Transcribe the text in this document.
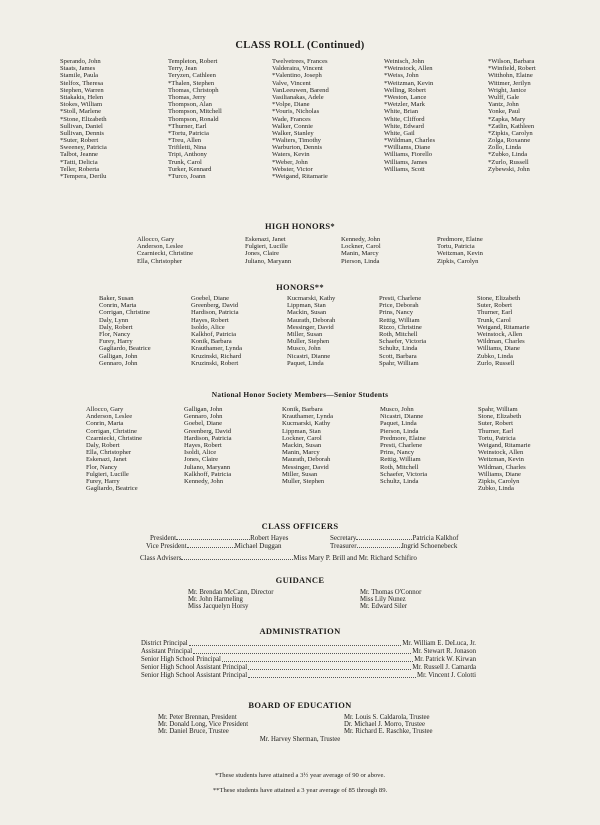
CLASS ROLL (Continued)
Sperando, John
Staats, James
Stamile, Paula
Stelfox, Theresa
Stephen, Warren
Stiakakis, Helen
Stokes, William
*Stoll, Marlene
*Stone, Elizabeth
Sullivan, Daniel
Sullivan, Dennis
*Suter, Robert
Sweeney, Patricia
Talbot, Jeanne
*Tatti, Delicia
Teller, Roberta
*Tempera, Derilu
Templeton, Robert
Terry, Jean
Teryzen, Cathleen
*Thalen, Stephen
Thomas, Christoph
Thomas, Jerry
Thompson, Alan
Thompson, Mitchell
Thompson, Ronald
*Thurner, Earl
*Tortu, Patricia
*Treu, Allen
Trifiletti, Nina
Tripi, Anthony
Trunk, Carol
Turker, Kennard
*Turco, Joann
Twelvetrees, Frances
Valderaira, Vincent
*Valentino, Joseph
Valve, Vincent
VanLeeuwen, Barend
Vasilianakas, Adele
*Volpe, Diane
*Vouris, Nicholas
Wade, Frances
Walker, Connie
Walker, Stanley
*Walters, Timothy
Warburton, Dennis
Waters, Kevin
*Weber, John
Webster, Victor
*Weigand, Ritamarie
Weinisch, John
*Weinstock, Allen
*Weiss, John
*Weitzman, Kevin
Welling, Robert
*Weston, Lance
*Wetzler, Mark
White, Brian
White, Clifford
White, Edward
White, Gail
*Wildman, Charles
*Williams, Diane
Williams, Fiorello
Williams, James
Williams, Scott
*Wilson, Barbara
*Winfield, Robert
Witthohn, Elaine
Wittmer, Jerilyn
Wright, Janice
Wulff, Gale
Yantz, John
Yonke, Paul
*Zapka, Mary
*Zatlin, Kathleen
*Zipkis, Carolyn
Zolga, Roxanne
Zollo, Linda
*Zubko, Linda
*Zurlo, Russell
Zybewski, John
HIGH HONORS*
Allocco, Gary
Anderson, Leslee
Czarniecki, Christine
Ella, Christopher
Eskenazi, Janet
Fulgieri, Lucille
Jones, Claire
Juliano, Maryann
Kennedy, John
Lockner, Carol
Manin, Marcy
Pierson, Linda
Predmore, Elaine
Tortu, Patricia
Weitzman, Kevin
Zipkis, Carolyn
HONORS**
Baker, Susan
Conrin, Marta
Corrigan, Christine
Daly, Lynn
Daly, Robert
Flor, Nancy
Furey, Harry
Gagliardo, Beatrice
Galligan, John
Gennaro, John
Goebel, Diane
Greenberg, David
Hardison, Patricia
Hayes, Robert
Isoldo, Alice
Kalkhof, Patricia
Konik, Barbara
Krauthamer, Lynda
Kruzinski, Richard
Kruzinski, Robert
Kucmarski, Kathy
Lippman, Stan
Mackin, Susan
Maurath, Deborah
Messinger, David
Miller, Susan
Muller, Stephen
Musco, John
Nicastri, Dianne
Paquet, Linda
Presti, Charlene
Price, Deborah
Prins, Nancy
Rettig, William
Rizzo, Christine
Roth, Mitchell
Schaefer, Victoria
Schultz, Linda
Scott, Barbara
Spahr, William
Stone, Elizabeth
Suter, Robert
Thurner, Earl
Trunk, Carol
Weigand, Ritamarie
Weinstock, Allen
Wildman, Charles
Williams, Diane
Zubko, Linda
Zurlo, Russell
National Honor Society Members—Senior Students
Allocco, Gary
Anderson, Leslee
Conrin, Marta
Corrigan, Christine
Czarniecki, Christine
Daly, Robert
Ella, Christopher
Eskenazi, Janet
Flor, Nancy
Fulgieri, Lucille
Furey, Harry
Gagliardo, Beatrice
Galligan, John
Gennaro, John
Goebel, Diane
Greenberg, David
Hardison, Patricia
Hayes, Robert
Isoldi, Alice
Jones, Claire
Juliano, Maryann
Kalkhoff, Patricia
Kennedy, John
Konik, Barbara
Krauthamer, Lynda
Kucmarski, Kathy
Lippman, Stan
Lockner, Carol
Mackin, Susan
Manin, Marcy
Maurath, Deborah
Messinger, David
Miller, Susan
Muller, Stephen
Musco, John
Nicastri, Dianne
Paquet, Linda
Pierson, Linda
Predmore, Elaine
Presti, Charlene
Prins, Nancy
Rettig, William
Roth, Mitchell
Schaefer, Victoria
Schultz, Linda
Spahr, William
Stone, Elizabeth
Suter, Robert
Thurner, Earl
Tortu, Patricia
Weigand, Ritamarie
Weinstock, Allen
Weitzman, Kevin
Wildman, Charles
Williams, Diane
Zipkis, Carolyn
Zubko, Linda
CLASS OFFICERS
President	Robert Hayes	Secretary	Patricia Kalkhof
Vice President	Michael Duggan	Treasurer	Ingrid Schoenebeck
Class Advisers	Miss Mary P. Brill and Mr. Richard Schifiro
GUIDANCE
Mr. Brendan McCann, Director
Mr. John Harmeling
Miss Jacquelyn Horsy
Mr. Thomas O'Connor
Miss Lily Nunez
Mr. Edward Siler
ADMINISTRATION
District Principal	Mr. William E. DeLuca, Jr.
Assistant Principal	Mr. Stewart R. Jonason
Senior High School Principal	Mr. Patrick W. Kirwan
Senior High School Assistant Principal	Mr. Russell J. Camarda
Senior High School Assistant Principal	Mr. Vincent J. Colotti
BOARD OF EDUCATION
Mr. Peter Brennan, President
Mr. Donald Long, Vice President
Mr. Daniel Bruce, Trustee
Mr. Louis S. Caldarola, Trustee
Dr. Michael J. Morro, Trustee
Mr. Richard E. Raschke, Trustee
Mr. Harvey Sherman, Trustee
*These students have attained a 3½ year average of 90 or above.
**These students have attained a 3 year average of 85 through 89.
